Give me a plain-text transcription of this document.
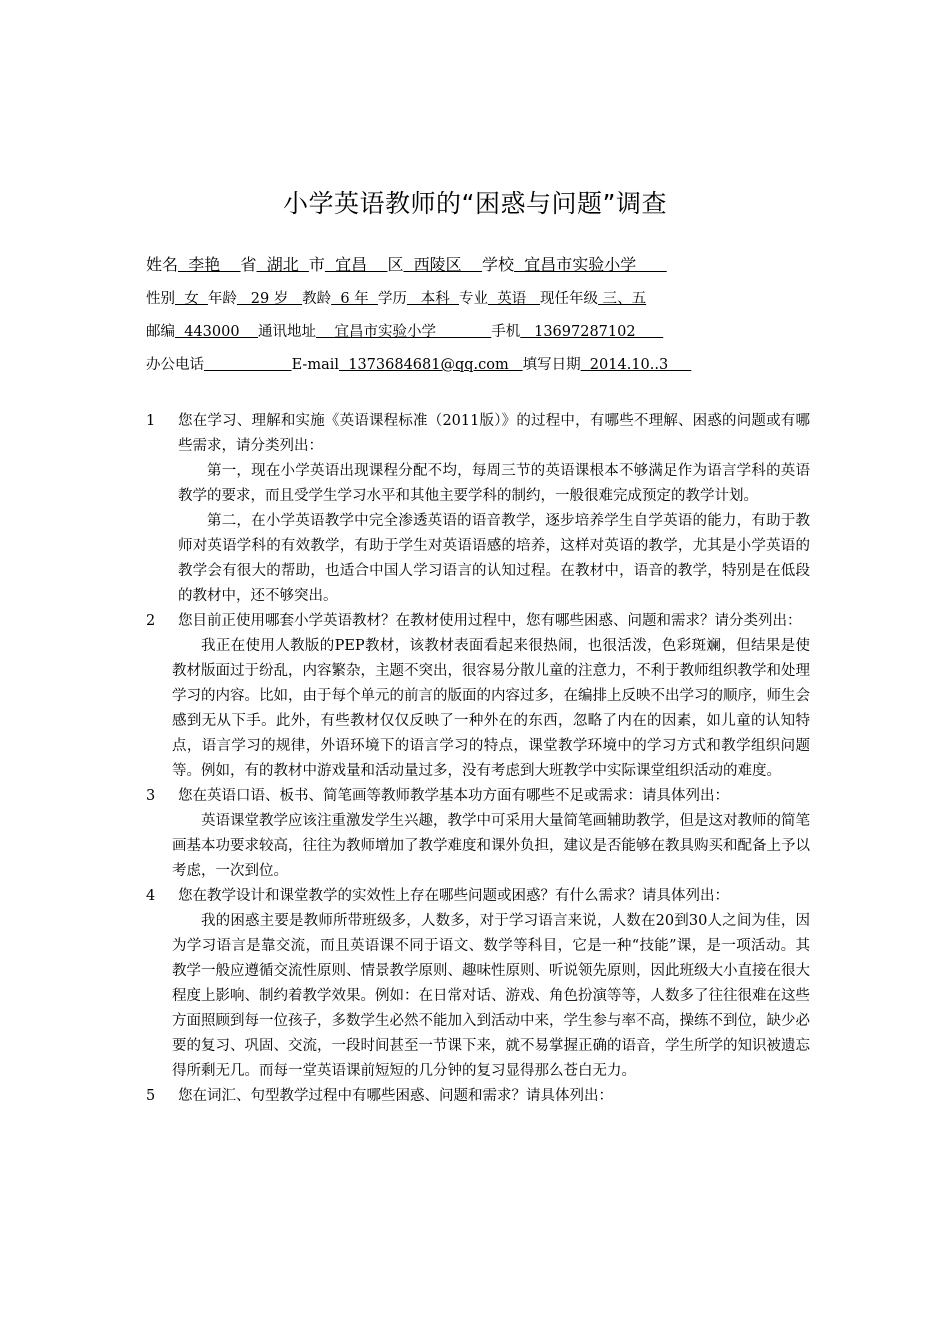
小学英语教师的“困惑与问题”调查
姓名  李艳    省  湖北  市  宜昌    区  西陵区    学校  宜昌市实验小学
性别  女  年龄   29 岁   教龄  6 年  学历   本科  专业  英语   现任年级 三、五
邮编  443000    通讯地址    宜昌市实验小学            手机   13697287102
办公电话	E-mail  1373684681@qq.com   填写日期  2014.10..3
1	您在学习、理解和实施《英语课程标准（2011版）》的过程中，有哪些不理解、困惑的问题或有哪些需求，请分类列出：
第一，现在小学英语出现课程分配不均，每周三节的英语课根本不够满足作为语言学科的英语教学的要求，而且受学生学习水平和其他主要学科的制约，一般很难完成预定的教学计划。
第二，在小学英语教学中完全渗透英语的语音教学，逐步培养学生自学英语的能力，有助于教师对英语学科的有效教学，有助于学生对英语语感的培养，这样对英语的教学，尤其是小学英语的教学会有很大的帮助，也适合中国人学习语言的认知过程。在教材中，语音的教学，特别是在低段的教材中，还不够突出。
2	您目前正使用哪套小学英语教材？在教材使用过程中，您有哪些困惑、问题和需求？请分类列出：
我正在使用人教版的PEP教材，该教材表面看起来很热闹，也很活泼，色彩斑斓，但结果是使教材版面过于纷乱，内容繁杂，主题不突出，很容易分散儿童的注意力，不利于教师组织教学和处理学习的内容。比如，由于每个单元的前言的版面的内容过多，在编排上反映不出学习的顺序，师生会感到无从下手。此外，有些教材仅仅反映了一种外在的东西，忽略了内在的因素，如儿童的认知特点，语言学习的规律，外语环境下的语言学习的特点，课堂教学环境中的学习方式和教学组织问题等。例如，有的教材中游戏量和活动量过多，没有考虑到大班教学中实际课堂组织活动的难度。
3	您在英语口语、板书、简笔画等教师教学基本功方面有哪些不足或需求：请具体列出：
英语课堂教学应该注重激发学生兴趣，教学中可采用大量简笔画辅助教学，但是这对教师的简笔画基本功要求较高，往往为教师增加了教学难度和课外负担，建议是否能够在教具购买和配备上予以考虑，一次到位。
4	您在教学设计和课堂教学的实效性上存在哪些问题或困惑？有什么需求？请具体列出：
我的困惑主要是教师所带班级多，人数多，对于学习语言来说，人数在20到30人之间为佳，因为学习语言是靠交流，而且英语课不同于语文、数学等科目，它是一种“技能”课，是一项活动。其教学一般应遵循交流性原则、情景教学原则、趣味性原则、听说领先原则，因此班级大小直接在很大程度上影响、制约着教学效果。例如：在日常对话、游戏、角色扮演等等，人数多了往往很难在这些方面照顾到每一位孩子，多数学生必然不能加入到活动中来，学生参与率不高，操练不到位，缺少必要的复习、巩固、交流，一段时间甚至一节课下来，就不易掌握正确的语音，学生所学的知识被遗忘得所剩无几。而每一堂英语课前短短的几分钟的复习显得那么苍白无力。
5	您在词汇、句型教学过程中有哪些困惑、问题和需求？请具体列出：
